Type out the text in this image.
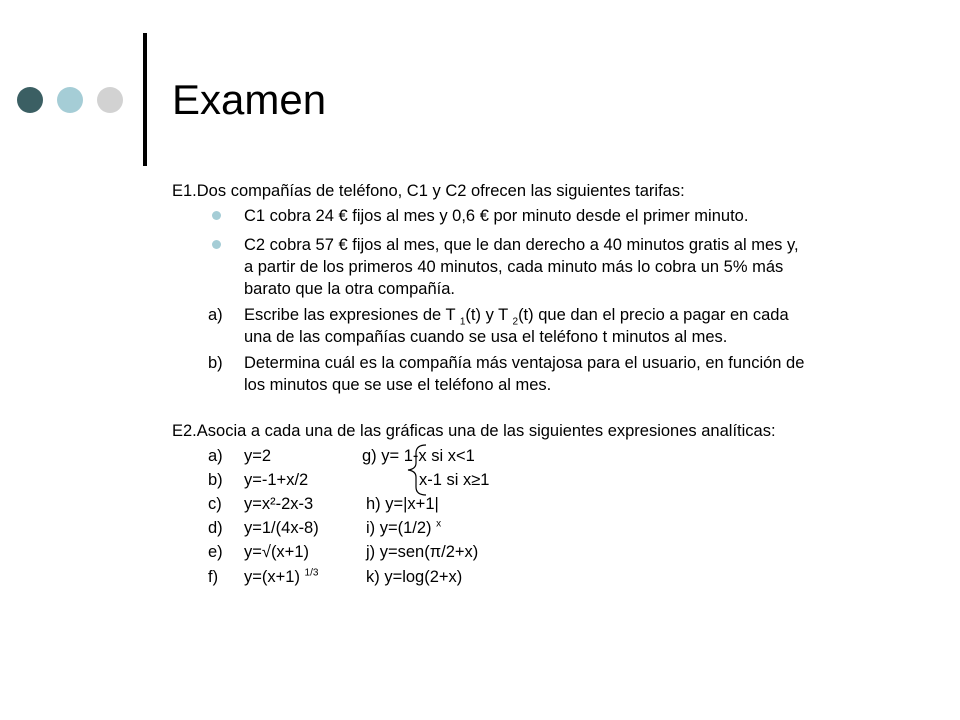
Examen
E1.Dos compañías de teléfono, C1 y C2 ofrecen las siguientes tarifas:
C1 cobra 24 € fijos al mes y 0,6 € por minuto desde el primer minuto.
C2 cobra 57 € fijos al mes, que le dan derecho a 40 minutos gratis al mes y,
a partir de los primeros 40 minutos, cada minuto más lo cobra un 5% más
barato que la otra compañía.
a) Escribe las expresiones de T $_1$(t) y T $_2$(t) que dan el precio a pagar en cada
una de las compañías cuando se usa el teléfono t minutos al mes.
b) Determina cuál es la compañía más ventajosa para el usuario, en función de
los minutos que se use el teléfono al mes.
E2.Asocia a cada una de las gráficas una de las siguientes expresiones analíticas:
a) y=2
b) y=-1+x/2
c) y=x²-2x-3
d) y=1/(4x-8)
e) y=√(x+1)
f) y=(x+1) $^{1/3}$
g) y= 1-x si x<1
x-1 si x≥1
h) y=|x+1|
i) y=(1/2) $^x$
j) y=sen(π/2+x)
k) y=log(2+x)
